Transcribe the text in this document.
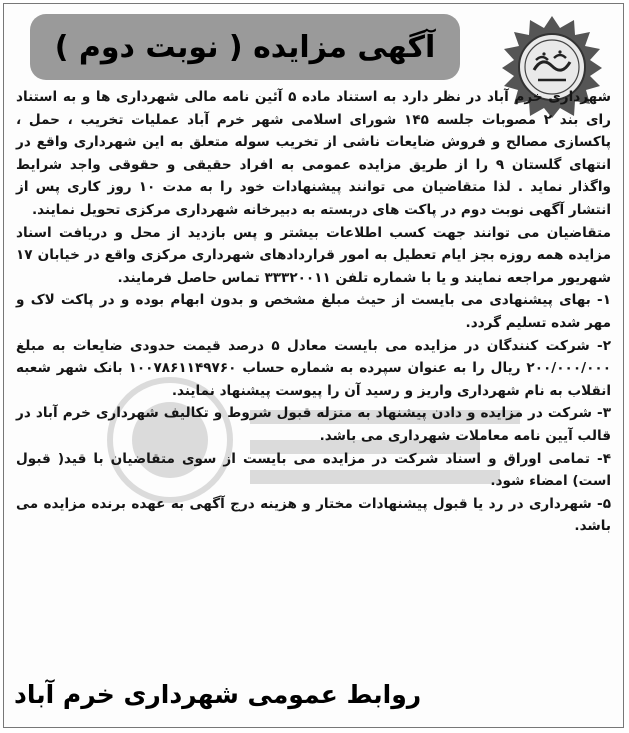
آگهی مزایده ( نوبت دوم )

شهرداری خرم آباد در نظر دارد به استناد ماده ۵ آئین نامه مالی شهرداری ها و به استناد رای بند ۲ مصوبات جلسه ۱۴۵ شورای اسلامی شهر خرم آباد عملیات تخریب ، حمل ، پاکسازی مصالح و فروش ضایعات ناشی از تخریب سوله متعلق به این شهرداری واقع در انتهای گلستان ۹ را از طریق مزایده عمومی به افراد حقیقی و حقوقی واجد شرایط واگذار نماید . لذا متقاضیان می توانند پیشنهادات خود را به مدت ۱۰ روز کاری پس از انتشار آگهی نوبت دوم در پاکت های دربسته به دبیرخانه شهرداری مرکزی تحویل نمایند.

متقاضیان می توانند جهت کسب اطلاعات بیشتر و پس بازدید از محل و دریافت اسناد مزایده همه روزه بجز ایام تعطیل به امور قراردادهای شهرداری مرکزی واقع در خیابان ۱۷ شهریور مراجعه نمایند و یا با شماره تلفن ۳۳۳۲۰۰۱۱ تماس حاصل فرمایند.

۱- بهای پیشنهادی می بایست از حیث مبلغ مشخص و بدون ابهام بوده و در پاکت لاک و مهر شده تسلیم گردد.

۲- شرکت کنندگان در مزایده می بایست معادل ۵ درصد قیمت حدودی ضایعات به مبلغ ۲۰۰/۰۰۰/۰۰۰ ریال را به عنوان سپرده به شماره حساب ۱۰۰۷۸۶۱۱۴۹۷۶۰ بانک شهر شعبه انقلاب به نام شهرداری واریز و رسید آن را پیوست پیشنهاد نمایند.

۳- شرکت در مزایده و دادن پیشنهاد به منزله قبول شروط و تکالیف شهرداری خرم آباد در قالب آیین نامه معاملات شهرداری می باشد.

۴- تمامی اوراق و اسناد شرکت در مزایده می بایست از سوی متقاضیان با قید( قبول است) امضاء شود.

۵- شهرداری در رد یا قبول پیشنهادات مختار و هزینه درج آگهی به عهده برنده مزایده می باشد.

روابط عمومی شهرداری خرم آباد
